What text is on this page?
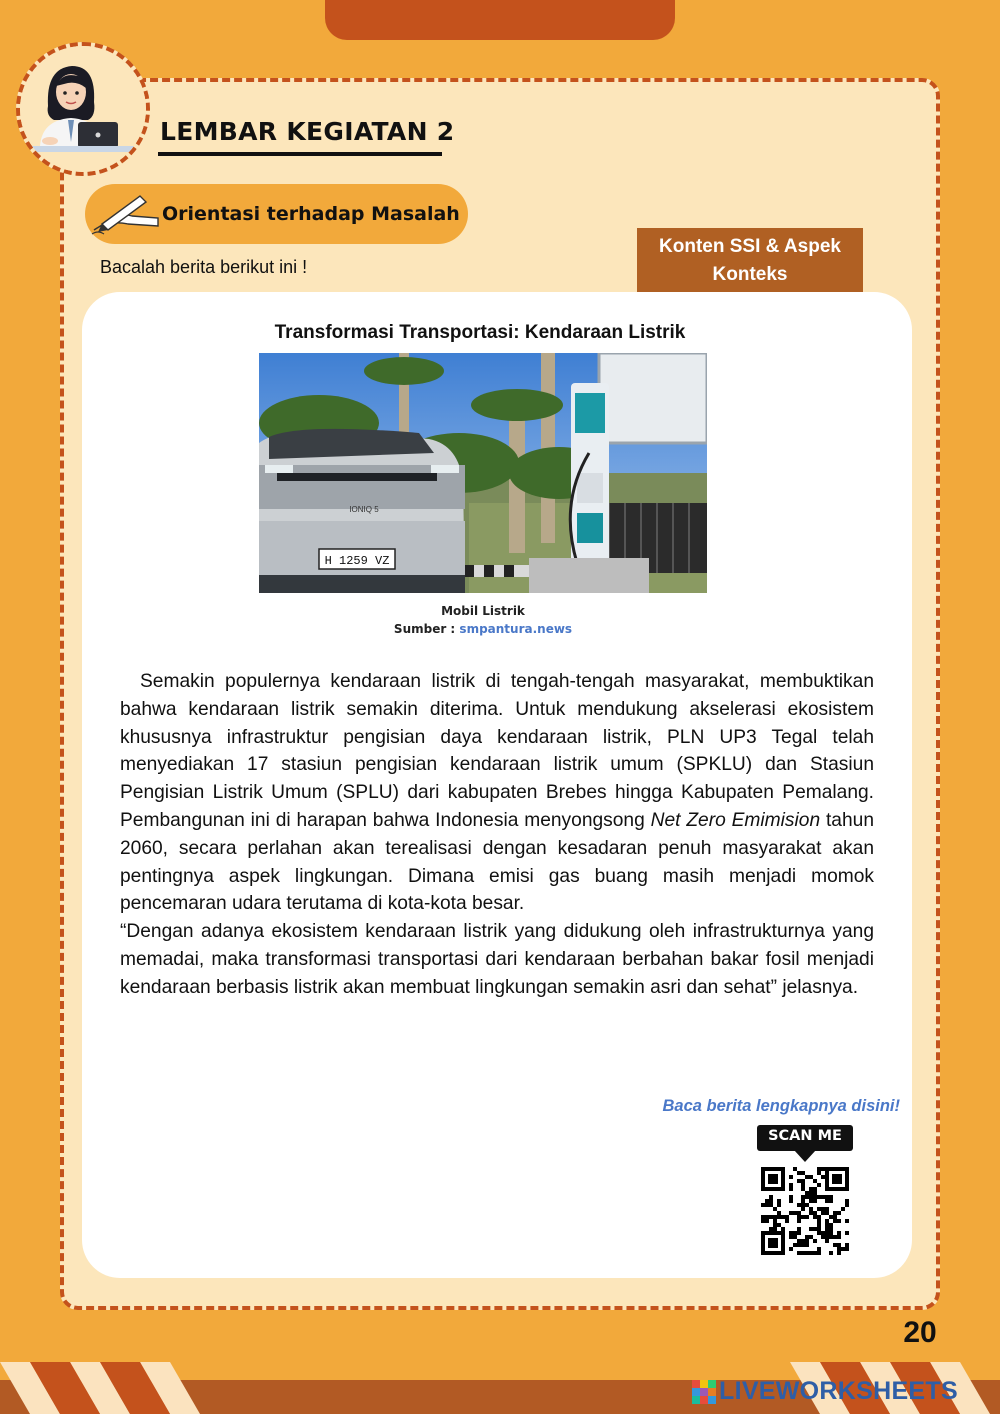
LEMBAR KEGIATAN 2
Orientasi terhadap Masalah
Bacalah berita berikut ini !
Konten SSI & Aspek Konteks
Transformasi Transportasi: Kendaraan Listrik
IONIQ 5
H 1259 VZ
Mobil Listrik
Sumber : smpantura.news

Semakin populernya kendaraan listrik di tengah-tengah masyarakat, membuktikan bahwa kendaraan listrik semakin diterima. Untuk mendukung akselerasi ekosistem khususnya infrastruktur pengisian daya kendaraan listrik, PLN UP3 Tegal telah menyediakan 17 stasiun pengisian kendaraan listrik umum (SPKLU) dan Stasiun Pengisian Listrik Umum (SPLU) dari kabupaten Brebes hingga Kabupaten Pemalang. Pembangunan ini di harapan bahwa Indonesia menyongsong Net Zero Emimision tahun 2060, secara perlahan akan terealisasi dengan kesadaran penuh masyarakat akan pentingnya aspek lingkungan. Dimana emisi gas buang masih menjadi momok pencemaran udara terutama di kota-kota besar.

“Dengan adanya ekosistem kendaraan listrik yang didukung oleh infrastrukturnya yang memadai, maka transformasi transportasi dari kendaraan berbahan bakar fosil menjadi kendaraan berbasis listrik akan membuat lingkungan semakin asri dan sehat” jelasnya.

Baca berita lengkapnya disini!
SCAN ME
20
LIVEWORKSHEETS
